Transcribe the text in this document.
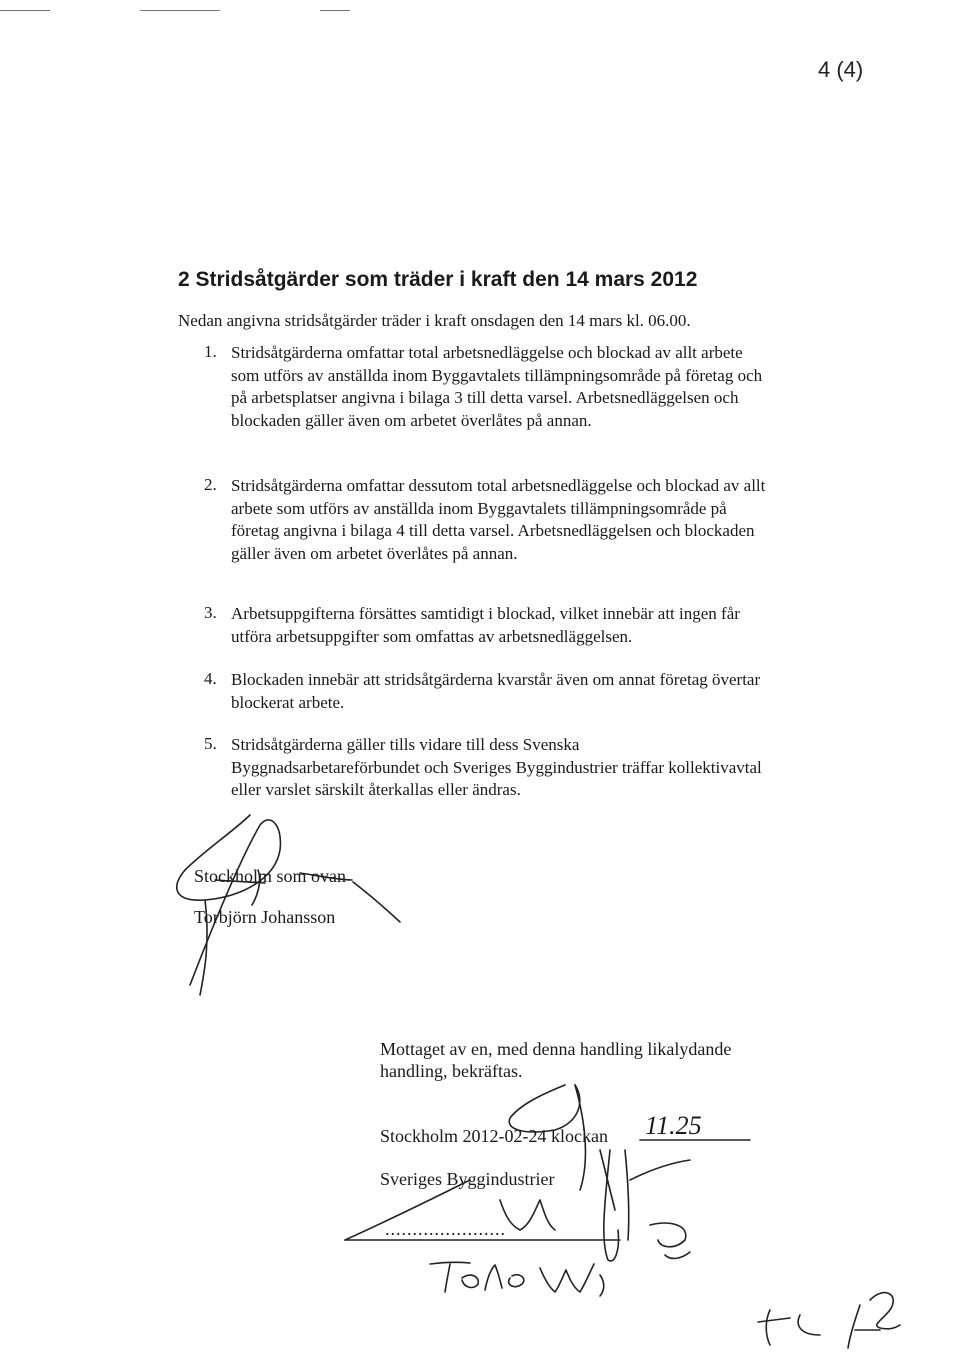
4 (4)
2 Stridsåtgärder som träder i kraft den 14 mars 2012
Nedan angivna stridsåtgärder träder i kraft onsdagen den 14 mars kl. 06.00.
1. Stridsåtgärderna omfattar total arbetsnedläggelse och blockad av allt arbete som utförs av anställda inom Byggavtalets tillämpningsområde på företag och på arbetsplatser angivna i bilaga 3 till detta varsel. Arbetsnedläggelsen och blockaden gäller även om arbetet överlåtes på annan.
2. Stridsåtgärderna omfattar dessutom total arbetsnedläggelse och blockad av allt arbete som utförs av anställda inom Byggavtalets tillämpningsområde på företag angivna i bilaga 4 till detta varsel. Arbetsnedläggelsen och blockaden gäller även om arbetet överlåtes på annan.
3. Arbetsuppgifterna försättes samtidigt i blockad, vilket innebär att ingen får utföra arbetsuppgifter som omfattas av arbetsnedläggelsen.
4. Blockaden innebär att stridsåtgärderna kvarstår även om annat företag övertar blockerat arbete.
5. Stridsåtgärderna gäller tills vidare till dess Svenska Byggnadsarbetareförbundet och Sveriges Byggindustrier träffar kollektivavtal eller varslet särskilt återkallas eller ändras.
Stockholm som ovan
Torbjörn Johansson
Mottaget av en, med denna handling likalydande
handling, bekräftas.
Stockholm 2012-02-24 klockan 11.25
Sveriges Byggindustrier
......................
